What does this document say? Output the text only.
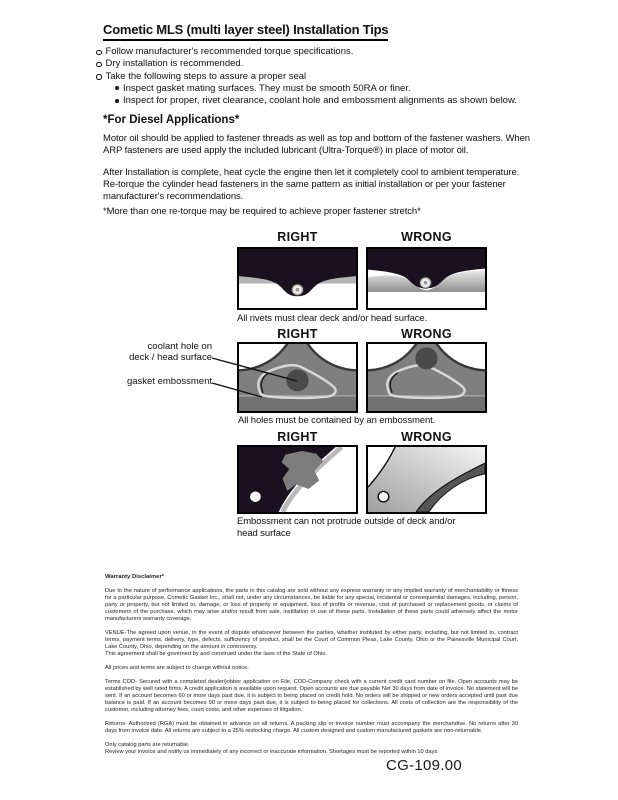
Cometic MLS (multi layer steel) Installation Tips
Follow manufacturer's recommended torque specifications.
Dry installation is recommended.
Take the following steps to assure a proper seal
Inspect gasket mating surfaces. They must be smooth 50RA or finer.
Inspect for proper, rivet clearance, coolant hole and embossment alignments as shown below.
*For Diesel Applications*
Motor oil should be applied to fastener threads as well as top and bottom of the fastener washers. When ARP fasteners are used apply the included lubricant (Ultra-Torque®) in place of motor oil.
After Installation is complete, heat cycle the engine then let it completely cool to ambient temperature. Re-torque the cylinder head fasteners in the same pattern as initial installation or per your fastener manufacturer's recommendations.
*More than one re-torque may be required to achieve proper fastener stretch*
RIGHT	WRONG
All rivets must clear deck and/or head surface.
RIGHT	WRONG
coolant hole on
deck / head surface
gasket embossment
All holes must be contained by an embossment.
RIGHT	WRONG
Embossment can not protrude outside of deck and/or head surface
Warranty Disclaimer*

Due to the nature of performance applications, the parts in this catalog are sold without any express warranty or any implied warranty of merchantability or fitness for a particular purpose. Cometic Gasket Inc., shall not, under any circumstances, be liable for any special, incidental or consequential damages, including, person, party or property, but not limited to, damage, or loss of property or equipment, loss of profits or revenue, cost of purchased or replacement goods, or claims of customers of the purchase, which may arise and/or result from sale, instillation or use of these parts. Installation of these parts could adversely affect the motor manufacturers warranty coverage.

VENUE-The agreed upon venue, in the event of dispute whatsoever between the parties, whether instituted by either party, including, but not limited to, contract terms, payment terms, delivery, type, defects, sufficiency of product, shall be the Court of Common Pleas, Lake County, Ohio or the Painesville Municipal Court, Lake County, Ohio, depending on the amount in controversy.

This agreement shall be governed by and construed under the laws of the State of Ohio.

All prices and terms are subject to change without notice.

Terms COD- Secured with a completed dealer/jobber application on File, COD-Company check with a current credit card number on file. Open accounts may be established by well rated firms. A credit application is available upon request. Open accounts are due payable Net 30 days from date of invoice. No statement will be sent. If an account becomes 60 or more days past due, it is subject to being placed on credit hold. No orders will be shipped or new orders accepted until past due balance is paid. If an account becomes 90 or more days past due, it is subject to being placed for collections. All costs of collection are the responsibility of the customer, including attorney fees, court costs, and other expenses of litigation.

Returns- Authorized (RGA) must be obtained in advance on all returns. A packing slip or invoice number must accompany the merchandise. No returns after 30 days from invoice date. All returns are subject to a 25% restocking charge. All custom designed and custom manufactured gaskets are non-returnable.

Only catalog parts are returnable.

Review your invoice and notify us immediately of any incorrect or inaccurate information. Shortages must be reported within 10 days.

CG-109.00
